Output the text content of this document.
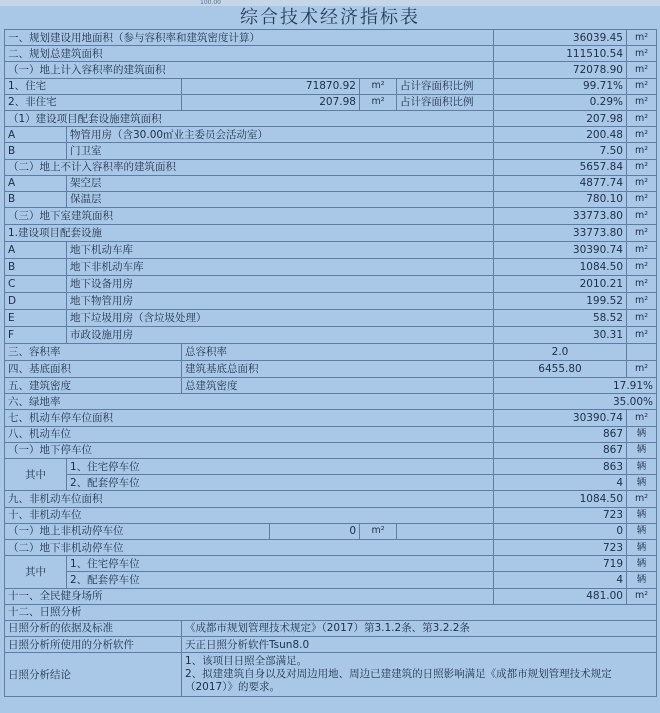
$^{100.00}$
综合技术经济指标表
一、规划建设用地面积（参与容积率和建筑密度计算）						36039.45	m²
二、规划总建筑面积						111510.54	m²
（一）地上计入容积率的建筑面积						72078.90	m²
1、住宅		71870.92		m²	占计容面积比例	99.71%	m²
2、非住宅		207.98		m²	占计容面积比例	0.29%	m²
（1）建设项目配套设施建筑面积						207.98	m²
A	物管用房（含30.00㎡业主委员会活动室）					200.48	m²
B	门卫室					7.50	m²
（二）地上不计入容积率的建筑面积						5657.84	m²
A	架空层					4877.74	m²
B	保温层					780.10	m²
（三）地下室建筑面积						33773.80	m²
1.建设项目配套设施						33773.80	m²
A	地下机动车库					30390.74	m²
B	地下非机动车库					1084.50	m²
C	地下设备用房					2010.21	m²
D	地下物管用房					199.52	m²
E	地下垃圾用房（含垃圾处理）					58.52	m²
F	市政设施用房					30.31	m²
三、容积率		总容积率				2.0	
四、基底面积		建筑基底总面积				6455.80	m²
五、建筑密度		总建筑密度				17.91%	
六、绿地率						35.00%	
七、机动车停车位面积						30390.74	m²
八、机动车位						867	辆
（一）地下停车位						867	辆
其中	1、住宅停车位					863	辆
	2、配套停车位					4	辆
九、非机动车位面积						1084.50	m²
十、非机动车位						723	辆
（一）地上非机动停车位			0	m²		0	辆
（二）地下非机动停车位						723	辆
其中	1、住宅停车位					719	辆
	2、配套停车位					4	辆
十一、全民健身场所						481.00	m²
十二、日照分析							
日照分析的依据及标准		《成都市规划管理技术规定》（2017）第3.1.2条、第3.2.2条					
日照分析所使用的分析软件		天正日照分析软件Tsun8.0					
日照分析结论		1、该项目日照全部满足。
2、拟建建筑自身以及对周边用地、周边已建建筑的日照影响满足《成都市规划管理技术规定（2017）》的要求。					
